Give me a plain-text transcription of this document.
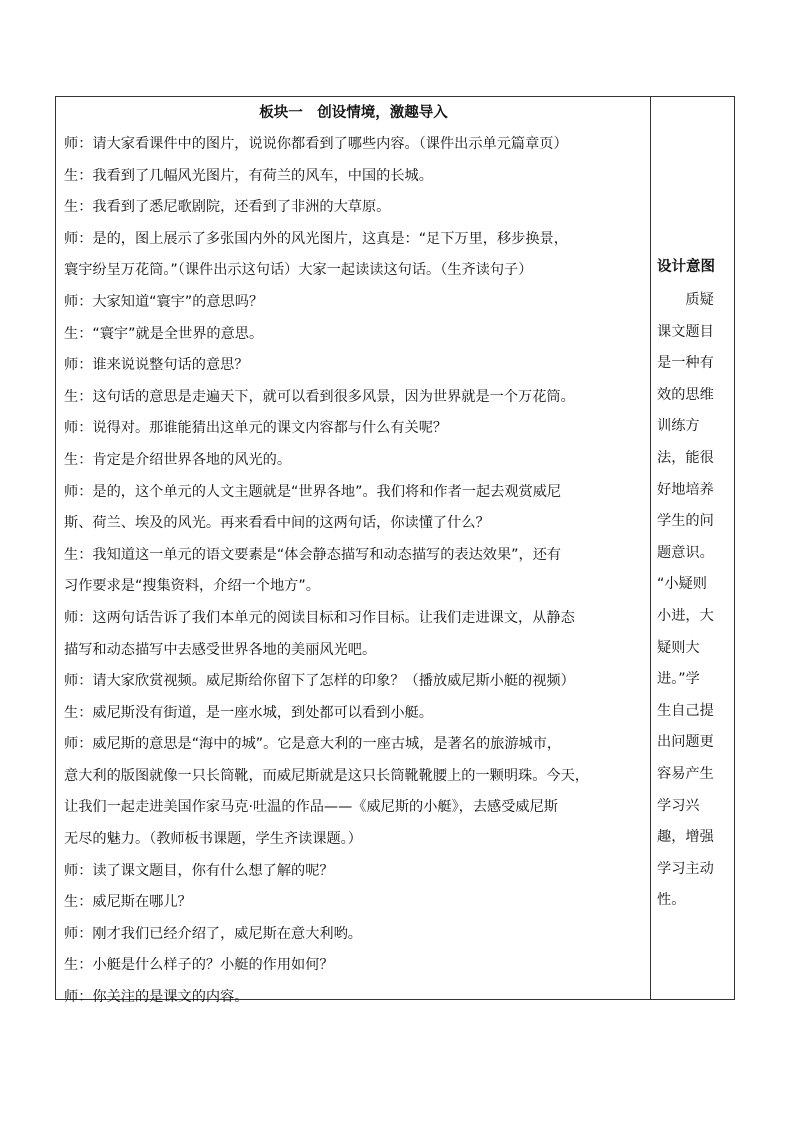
板块一　创设情境，激趣导入
师：请大家看课件中的图片，说说你都看到了哪些内容。（课件出示单元篇章页）
生：我看到了几幅风光图片，有荷兰的风车，中国的长城。
生：我看到了悉尼歌剧院，还看到了非洲的大草原。
师：是的，图上展示了多张国内外的风光图片，这真是：“足下万里，移步换景，
寰宇纷呈万花筒。”（课件出示这句话）大家一起读读这句话。（生齐读句子）
师：大家知道“寰宇”的意思吗？
生：“寰宇”就是全世界的意思。
师：谁来说说整句话的意思？
生：这句话的意思是走遍天下，就可以看到很多风景，因为世界就是一个万花筒。
师：说得对。那谁能猜出这单元的课文内容都与什么有关呢？
生：肯定是介绍世界各地的风光的。
师：是的，这个单元的人文主题就是“世界各地”。我们将和作者一起去观赏威尼
斯、荷兰、埃及的风光。再来看看中间的这两句话，你读懂了什么？
生：我知道这一单元的语文要素是“体会静态描写和动态描写的表达效果”，还有
习作要求是“搜集资料，介绍一个地方”。
师：这两句话告诉了我们本单元的阅读目标和习作目标。让我们走进课文，从静态
描写和动态描写中去感受世界各地的美丽风光吧。
师：请大家欣赏视频。威尼斯给你留下了怎样的印象？（播放威尼斯小艇的视频）
生：威尼斯没有街道，是一座水城，到处都可以看到小艇。
师：威尼斯的意思是“海中的城”。它是意大利的一座古城，是著名的旅游城市，
意大利的版图就像一只长筒靴，而威尼斯就是这只长筒靴靴腰上的一颗明珠。今天，
让我们一起走进美国作家马克·吐温的作品——《威尼斯的小艇》，去感受威尼斯
无尽的魅力。（教师板书课题，学生齐读课题。）
师：读了课文题目，你有什么想了解的呢？
生：威尼斯在哪儿？
师：刚才我们已经介绍了，威尼斯在意大利哟。
生：小艇是什么样子的？小艇的作用如何？
师：你关注的是课文的内容。
设计意图
　　质疑
课文题目
是一种有
效的思维
训练方
法，能很
好地培养
学生的问
题意识。
“小疑则
小进，大
疑则大
进。”学
生自己提
出问题更
容易产生
学习兴
趣，增强
学习主动
性。
